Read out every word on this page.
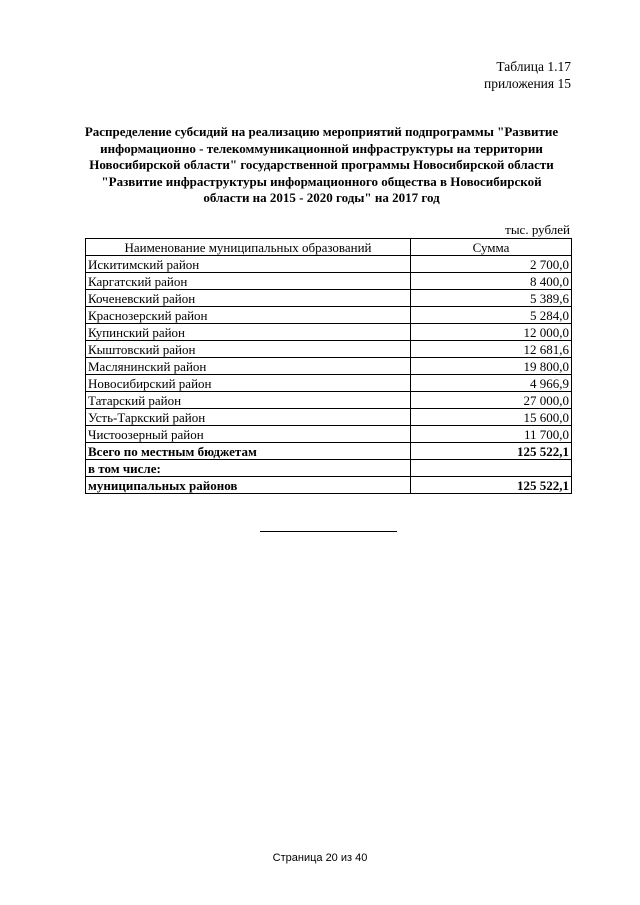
Таблица 1.17
приложения 15
Распределение субсидий на реализацию мероприятий подпрограммы "Развитие
информационно - телекоммуникационной инфраструктуры на территории
Новосибирской области" государственной программы Новосибирской области
"Развитие инфраструктуры информационного общества в Новосибирской
области на 2015 - 2020 годы" на 2017 год
тыс. рублей
Наименование муниципальных образований	Сумма
Искитимский район	2 700,0
Каргатский район	8 400,0
Коченевский район	5 389,6
Краснозерский район	5 284,0
Купинский район	12 000,0
Кыштовский район	12 681,6
Маслянинский район	19 800,0
Новосибирский район	4 966,9
Татарский район	27 000,0
Усть-Таркский район	15 600,0
Чистоозерный район	11 700,0
Всего по местным бюджетам	125 522,1
в том числе:	
муниципальных районов	125 522,1
Страница 20 из 40
